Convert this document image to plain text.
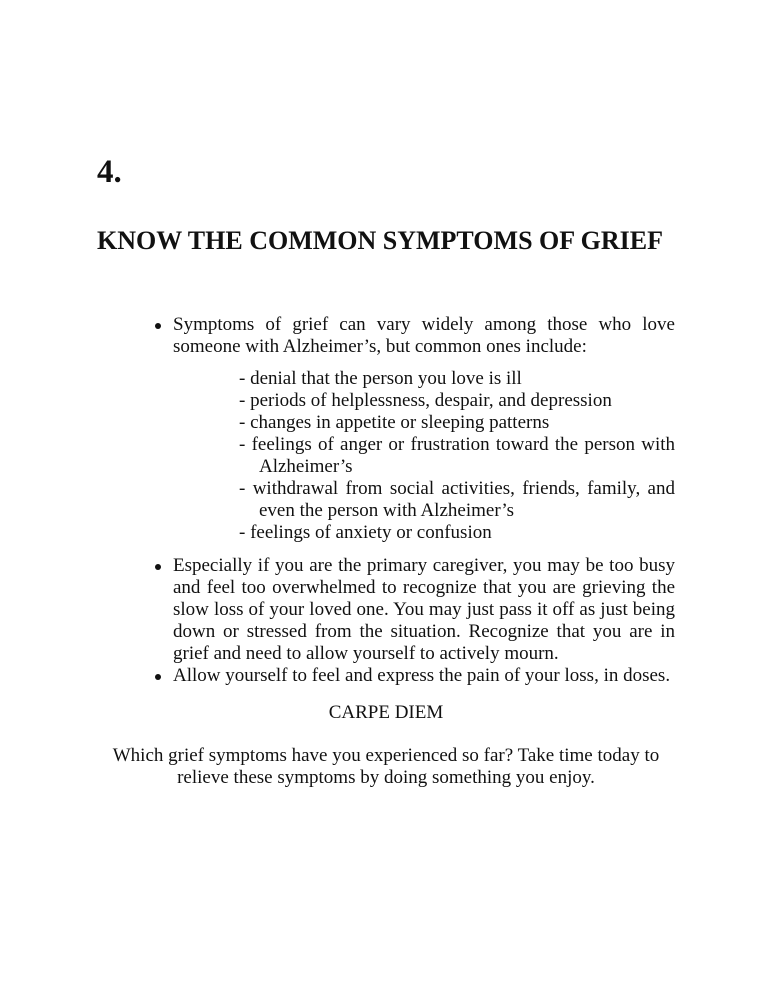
4.
KNOW THE COMMON SYMPTOMS OF GRIEF
Symptoms of grief can vary widely among those who love someone with Alzheimer’s, but common ones include:
- denial that the person you love is ill
- periods of helplessness, despair, and depression
- changes in appetite or sleeping patterns
- feelings of anger or frustration toward the person with Alzheimer’s
- withdrawal from social activities, friends, family, and even the person with Alzheimer’s
- feelings of anxiety or confusion
Especially if you are the primary caregiver, you may be too busy and feel too overwhelmed to recognize that you are grieving the slow loss of your loved one. You may just pass it off as just being down or stressed from the situation. Recognize that you are in grief and need to allow yourself to actively mourn.
Allow yourself to feel and express the pain of your loss, in doses.

CARPE DIEM

Which grief symptoms have you experienced so far? Take time today to relieve these symptoms by doing something you enjoy.
